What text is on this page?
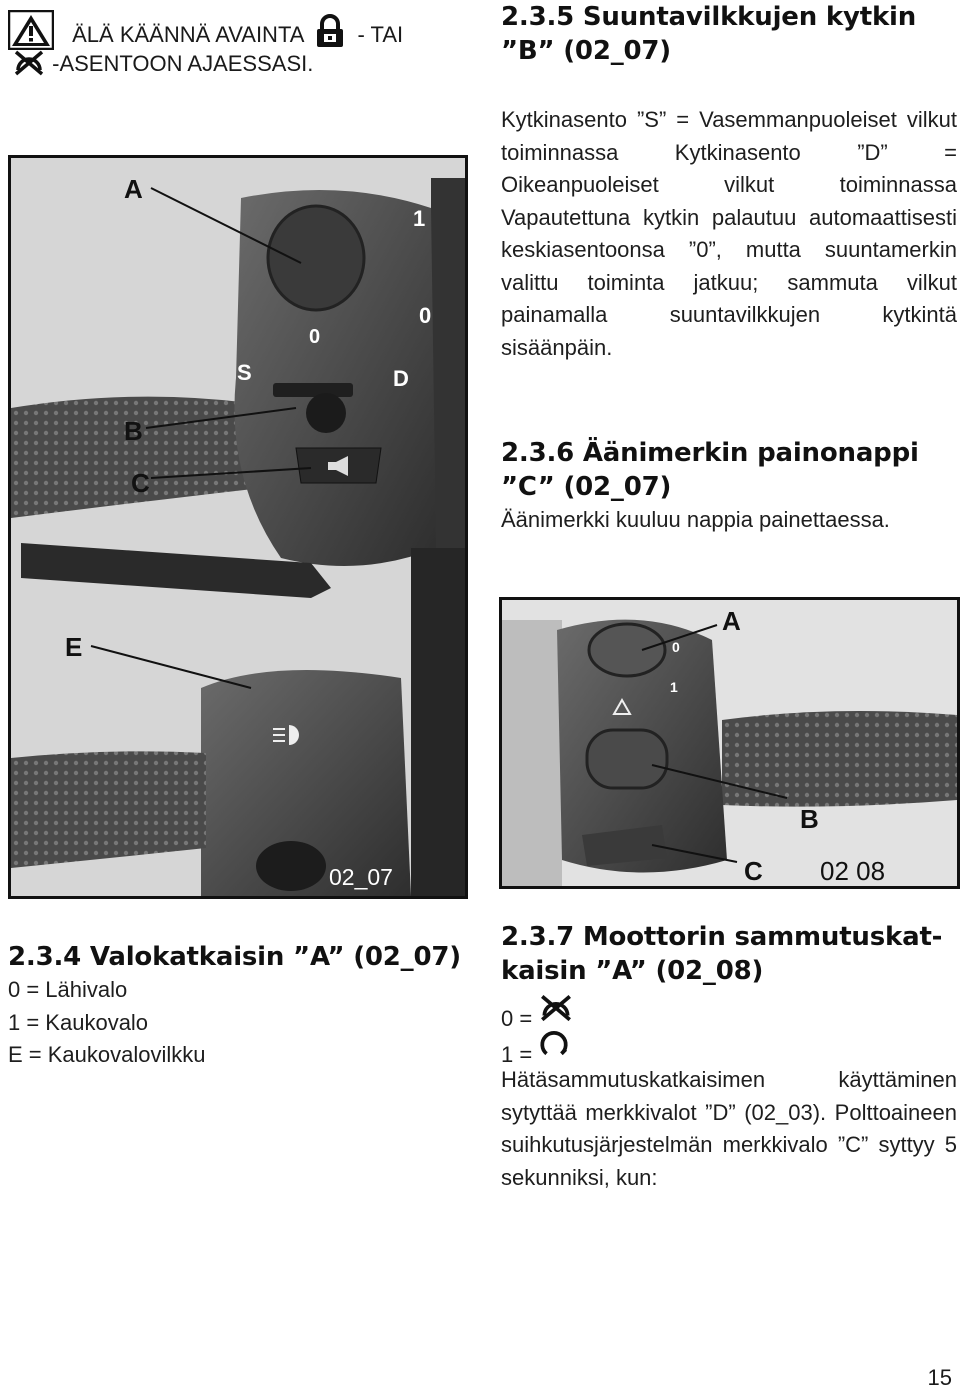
ÄLÄ KÄÄNNÄ AVAINTA - TAI
-ASENTOON AJAESSASI.
2.3.5 Suuntavilkkujen kytkin
”B” (02_07)
Kytkinasento ”S” = Vasemmanpuoleiset vilkut toiminnassa Kytkinasento ”D” = Oikeanpuoleiset vilkut toiminnassa Vapautettuna kytkin palautuu automaattisesti keskiasentoonsa ”0”, mutta suuntamerkin valittu toiminta jatkuu; sammuta vilkut painamalla suuntavilkkujen kytkintä sisäänpäin.
2.3.6 Äänimerkin painonappi
”C” (02_07)
Äänimerkki kuuluu nappia painettaessa.
A
B
C
E
S	D
0
1
0
02_07
A
B
C
0
1
02 08
2.3.4 Valokatkaisin ”A” (02_07)
0 = Lähivalo
1 = Kaukovalo
E = Kaukovalovilkku
2.3.7 Moottorin sammutuskat-
kaisin ”A” (02_08)
0 =
1 =
Hätäsammutuskatkaisimen käyttäminen sytyttää merkkivalot ”D” (02_03). Polttoaineen suihkutusjärjestelmän merkkivalo ”C” syttyy 5 sekunniksi, kun:
15
